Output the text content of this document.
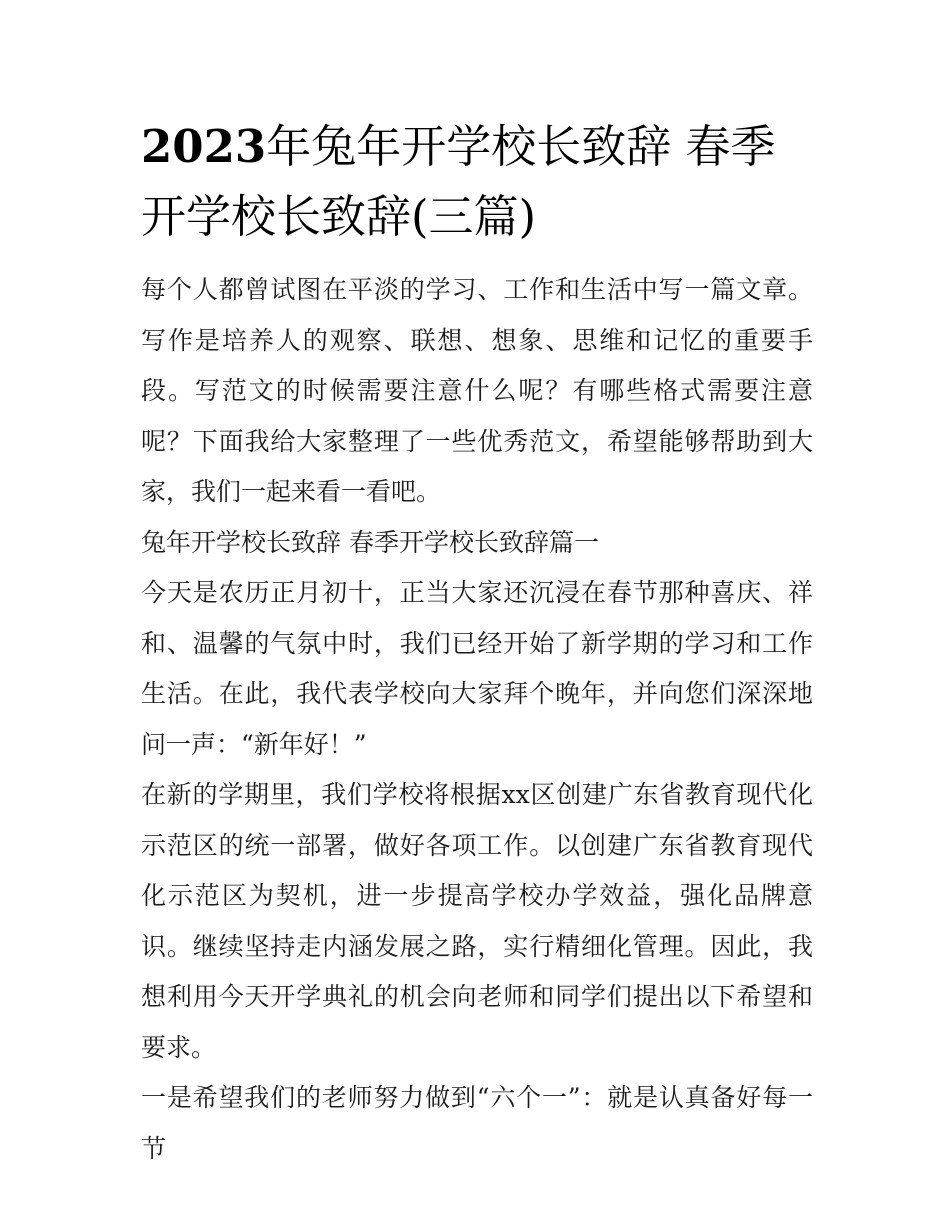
2023年兔年开学校长致辞 春季开学校长致辞(三篇)

每个人都曾试图在平淡的学习、工作和生活中写一篇文章。写作是培养人的观察、联想、想象、思维和记忆的重要手段。写范文的时候需要注意什么呢？有哪些格式需要注意呢？下面我给大家整理了一些优秀范文，希望能够帮助到大家，我们一起来看一看吧。

兔年开学校长致辞 春季开学校长致辞篇一

今天是农历正月初十，正当大家还沉浸在春节那种喜庆、祥和、温馨的气氛中时，我们已经开始了新学期的学习和工作生活。在此，我代表学校向大家拜个晚年，并向您们深深地问一声：“新年好！”

在新的学期里，我们学校将根据xx区创建广东省教育现代化示范区的统一部署，做好各项工作。以创建广东省教育现代化示范区为契机，进一步提高学校办学效益，强化品牌意识。继续坚持走内涵发展之路，实行精细化管理。因此，我想利用今天开学典礼的机会向老师和同学们提出以下希望和要求。

一是希望我们的老师努力做到“六个一”：就是认真备好每一节
